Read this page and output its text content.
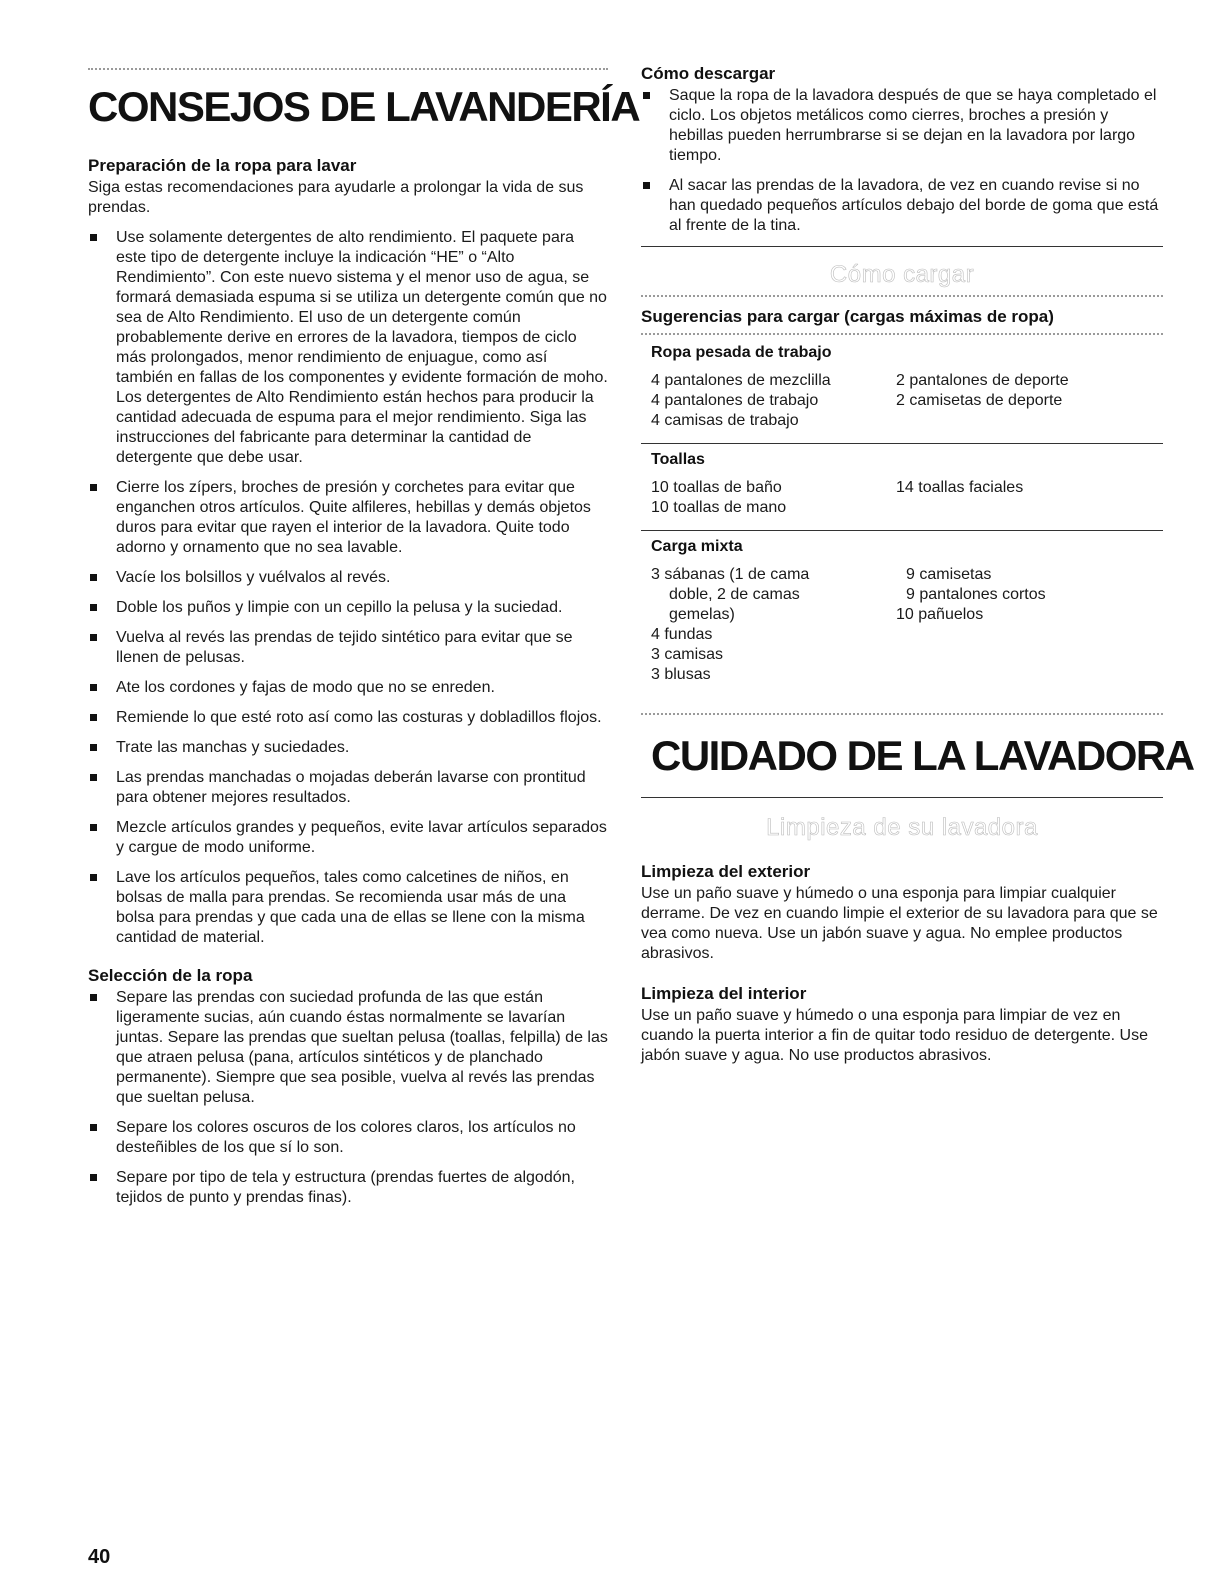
CONSEJOS DE LAVANDERÍA
Preparación de la ropa para lavar
Siga estas recomendaciones para ayudarle a prolongar la vida de sus prendas.
Use solamente detergentes de alto rendimiento. El paquete para este tipo de detergente incluye la indicación “HE” o “Alto Rendimiento”. Con este nuevo sistema y el menor uso de agua, se formará demasiada espuma si se utiliza un detergente común que no sea de Alto Rendimiento. El uso de un detergente común probablemente derive en errores de la lavadora, tiempos de ciclo más prolongados, menor rendimiento de enjuague, como así también en fallas de los componentes y evidente formación de moho. Los detergentes de Alto Rendimiento están hechos para producir la cantidad adecuada de espuma para el mejor rendimiento. Siga las instrucciones del fabricante para determinar la cantidad de detergente que debe usar.
Cierre los zípers, broches de presión y corchetes para evitar que enganchen otros artículos. Quite alfileres, hebillas y demás objetos duros para evitar que rayen el interior de la lavadora. Quite todo adorno y ornamento que no sea lavable.
Vacíe los bolsillos y vuélvalos al revés.
Doble los puños y limpie con un cepillo la pelusa y la suciedad.
Vuelva al revés las prendas de tejido sintético para evitar que se llenen de pelusas.
Ate los cordones y fajas de modo que no se enreden.
Remiende lo que esté roto así como las costuras y dobladillos flojos.
Trate las manchas y suciedades.
Las prendas manchadas o mojadas deberán lavarse con prontitud para obtener mejores resultados.
Mezcle artículos grandes y pequeños, evite lavar artículos separados y cargue de modo uniforme.
Lave los artículos pequeños, tales como calcetines de niños, en bolsas de malla para prendas. Se recomienda usar más de una bolsa para prendas y que cada una de ellas se llene con la misma cantidad de material.
Selección de la ropa
Separe las prendas con suciedad profunda de las que están ligeramente sucias, aún cuando éstas normalmente se lavarían juntas. Separe las prendas que sueltan pelusa (toallas, felpilla) de las que atraen pelusa (pana, artículos sintéticos y de planchado permanente). Siempre que sea posible, vuelva al revés las prendas que sueltan pelusa.
Separe los colores oscuros de los colores claros, los artículos no desteñibles de los que sí lo son.
Separe por tipo de tela y estructura (prendas fuertes de algodón, tejidos de punto y prendas finas).
Cómo descargar
Saque la ropa de la lavadora después de que se haya completado el ciclo. Los objetos metálicos como cierres, broches a presión y hebillas pueden herrumbrarse si se dejan en la lavadora por largo tiempo.
Al sacar las prendas de la lavadora, de vez en cuando revise si no han quedado pequeños artículos debajo del borde de goma que está al frente de la tina.
Cómo cargar
Sugerencias para cargar (cargas máximas de ropa)
Ropa pesada de trabajo
4 pantalones de mezclilla
4 pantalones de trabajo
4 camisas de trabajo
2 pantalones de deporte
2 camisetas de deporte
Toallas
10 toallas de baño
10 toallas de mano
14 toallas faciales
Carga mixta
3 sábanas (1 de cama
doble, 2 de camas
gemelas)
4 fundas
3 camisas
3 blusas
9 camisetas
9 pantalones cortos
10 pañuelos
CUIDADO DE LA LAVADORA
Limpieza de su lavadora
Limpieza del exterior
Use un paño suave y húmedo o una esponja para limpiar cualquier derrame. De vez en cuando limpie el exterior de su lavadora para que se vea como nueva. Use un jabón suave y agua. No emplee productos abrasivos.
Limpieza del interior
Use un paño suave y húmedo o una esponja para limpiar de vez en cuando la puerta interior a fin de quitar todo residuo de detergente. Use jabón suave y agua. No use productos abrasivos.
40
